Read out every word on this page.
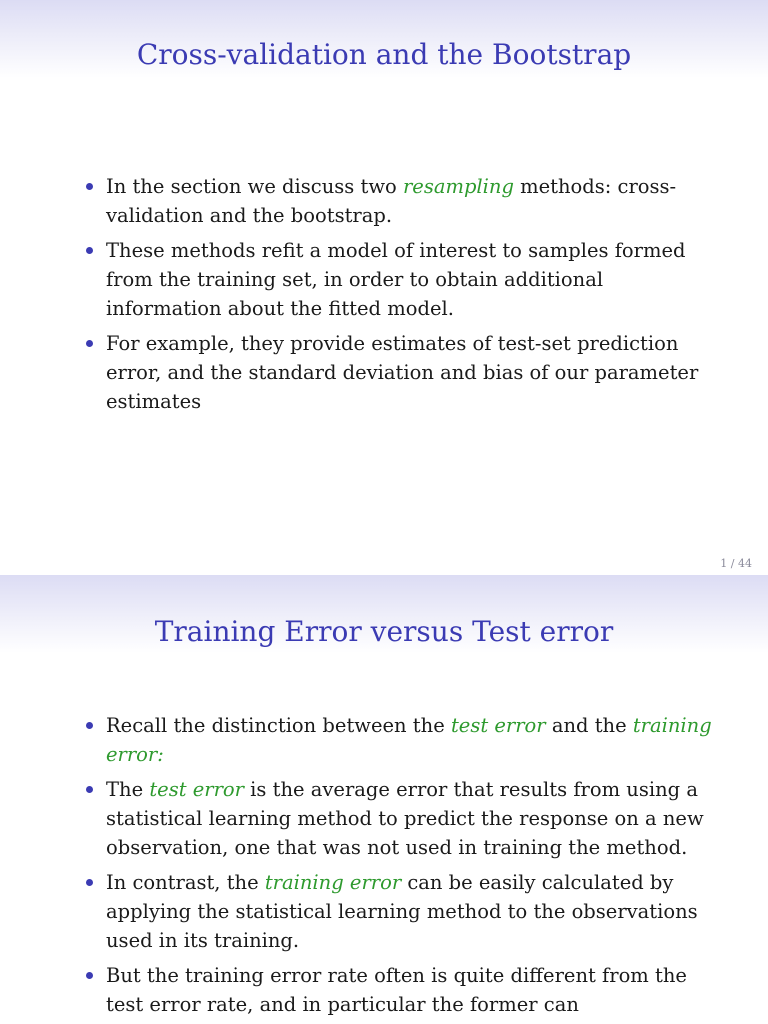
Cross-validation and the Bootstrap
In the section we discuss two resampling methods: cross-validation and the bootstrap.
These methods refit a model of interest to samples formed from the training set, in order to obtain additional information about the fitted model.
For example, they provide estimates of test-set prediction error, and the standard deviation and bias of our parameter estimates
1 / 44
Training Error versus Test error
Recall the distinction between the test error and the training error:
The test error is the average error that results from using a statistical learning method to predict the response on a new observation, one that was not used in training the method.
In contrast, the training error can be easily calculated by applying the statistical learning method to the observations used in its training.
But the training error rate often is quite different from the test error rate, and in particular the former can
